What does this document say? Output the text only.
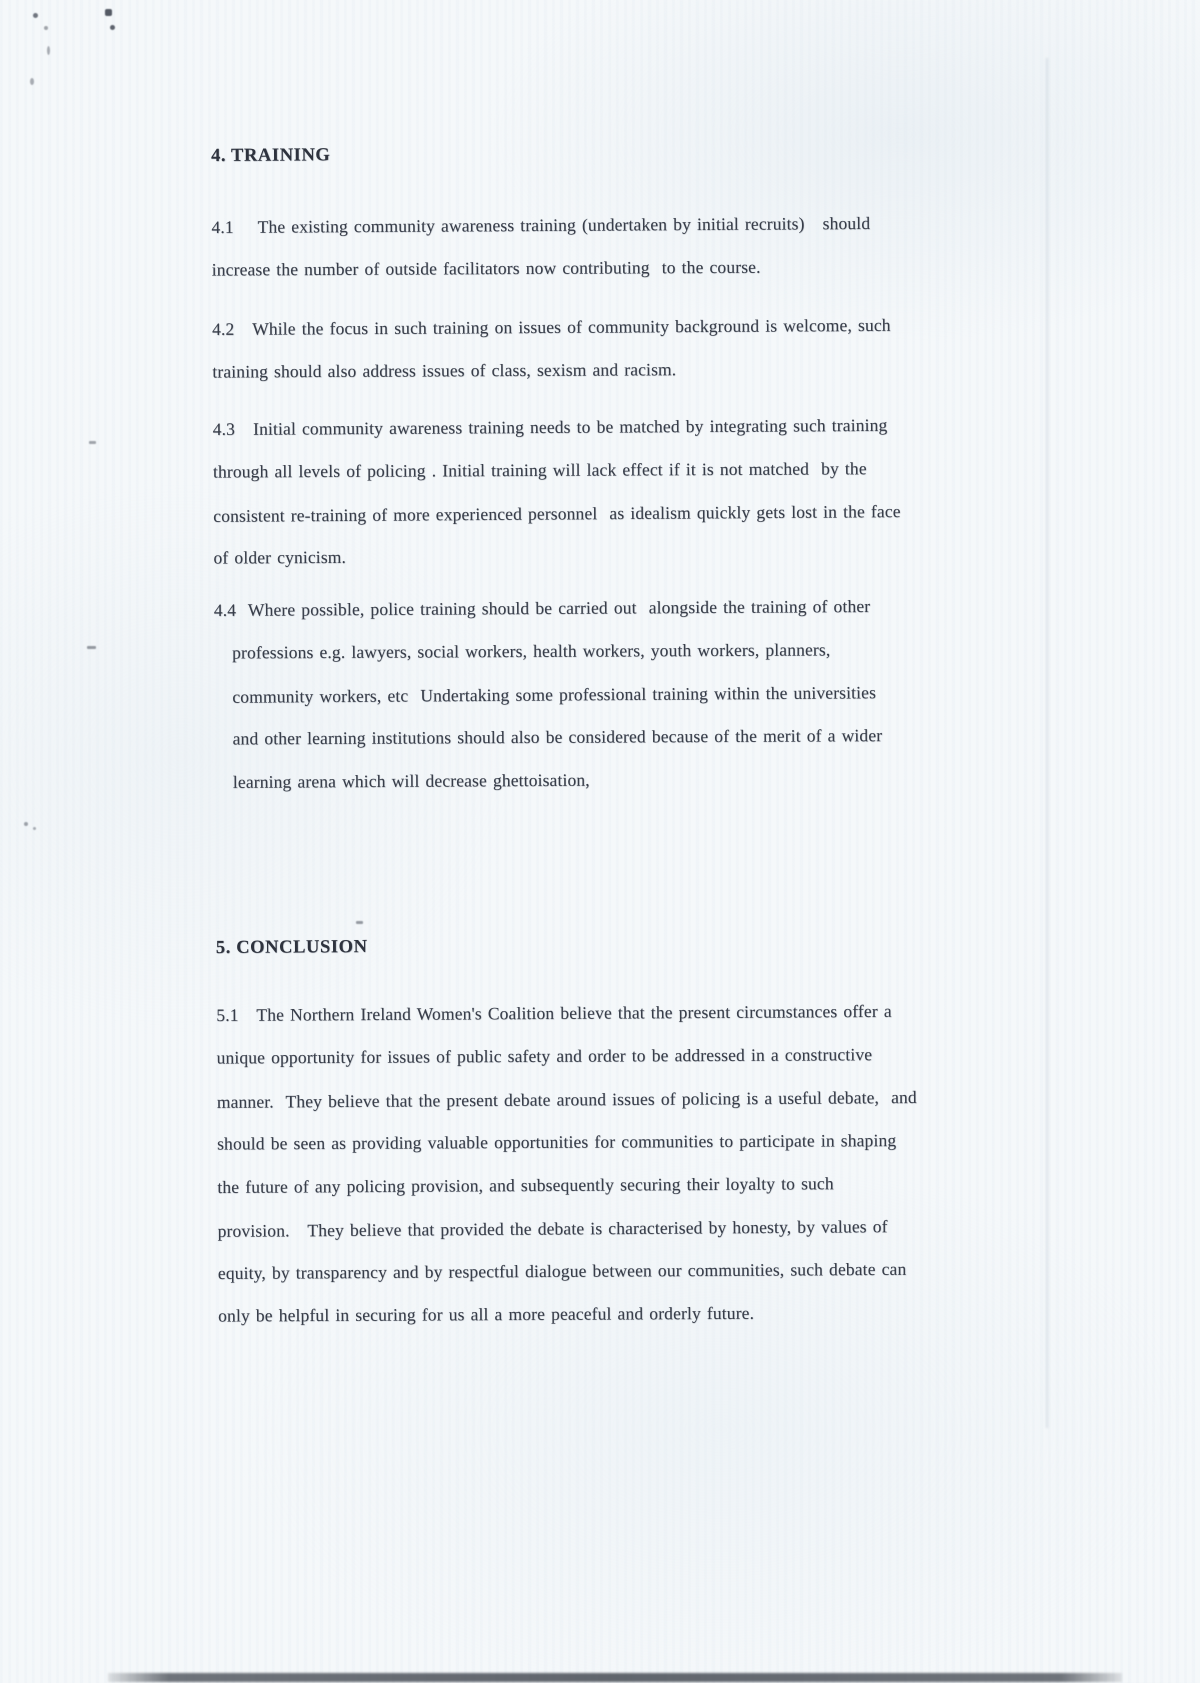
4. TRAINING
4.1    The existing community awareness training (undertaken by initial recruits)   should
increase the number of outside facilitators now contributing  to the course.
4.2   While the focus in such training on issues of community background is welcome, such
training should also address issues of class, sexism and racism.
4.3   Initial community awareness training needs to be matched by integrating such training
through all levels of policing . Initial training will lack effect if it is not matched  by the
consistent re-training of more experienced personnel  as idealism quickly gets lost in the face
of older cynicism.
4.4  Where possible, police training should be carried out  alongside the training of other
professions e.g. lawyers, social workers, health workers, youth workers, planners,
community workers, etc  Undertaking some professional training within the universities
and other learning institutions should also be considered because of the merit of a wider
learning arena which will decrease ghettoisation,
5. CONCLUSION
5.1   The Northern Ireland Women's Coalition believe that the present circumstances offer a
unique opportunity for issues of public safety and order to be addressed in a constructive
manner.  They believe that the present debate around issues of policing is a useful debate,  and
should be seen as providing valuable opportunities for communities to participate in shaping
the future of any policing provision, and subsequently securing their loyalty to such
provision.   They believe that provided the debate is characterised by honesty, by values of
equity, by transparency and by respectful dialogue between our communities, such debate can
only be helpful in securing for us all a more peaceful and orderly future.
